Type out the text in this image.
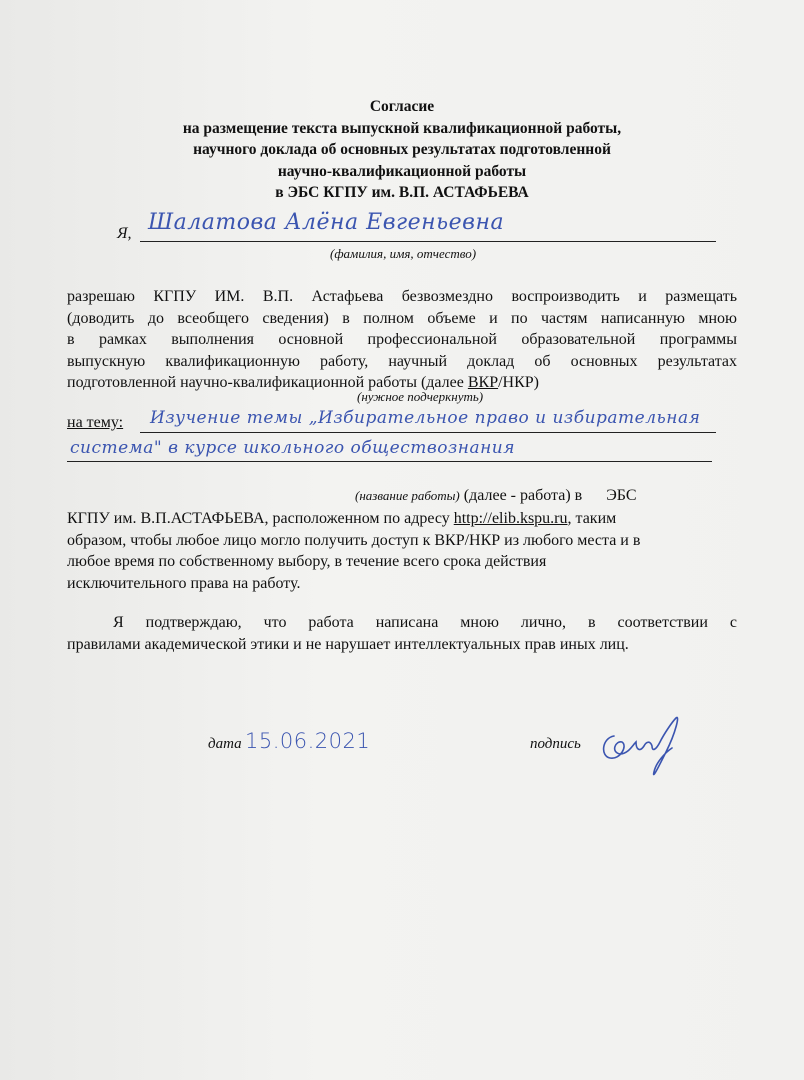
Согласие
на размещение текста выпускной квалификационной работы,
научного доклада об основных результатах подготовленной
научно-квалификационной работы
в ЭБС КГПУ им. В.П. АСТАФЬЕВА
Я, Шалатова Алёна Евгеньевна
(фамилия, имя, отчество)
разрешаю КГПУ ИМ. В.П. Астафьева безвозмездно воспроизводить и размещать
(доводить до всеобщего сведения) в полном объеме и по частям написанную мною
в рамках выполнения основной профессиональной образовательной программы
выпускную квалификационную работу, научный доклад об основных результатах
подготовленной научно-квалификационной работы (далее ВКР/НКР)
(нужное подчеркнуть)
на тему: Изучение темы „Избирательное право и избирательная
система" в курсе школьного обществознания
(название работы) (далее - работа) в      ЭБС
КГПУ им. В.П.АСТАФЬЕВА, расположенном по адресу http://elib.kspu.ru, таким
образом, чтобы любое лицо могло получить доступ к ВКР/НКР из любого места и в
любое время по собственному выбору, в течение всего срока действия
исключительного права на работу.
Я подтверждаю, что работа написана мною лично, в соответствии с
правилами академической этики и не нарушает интеллектуальных прав иных лиц.
дата 15.06.2021	подпись
